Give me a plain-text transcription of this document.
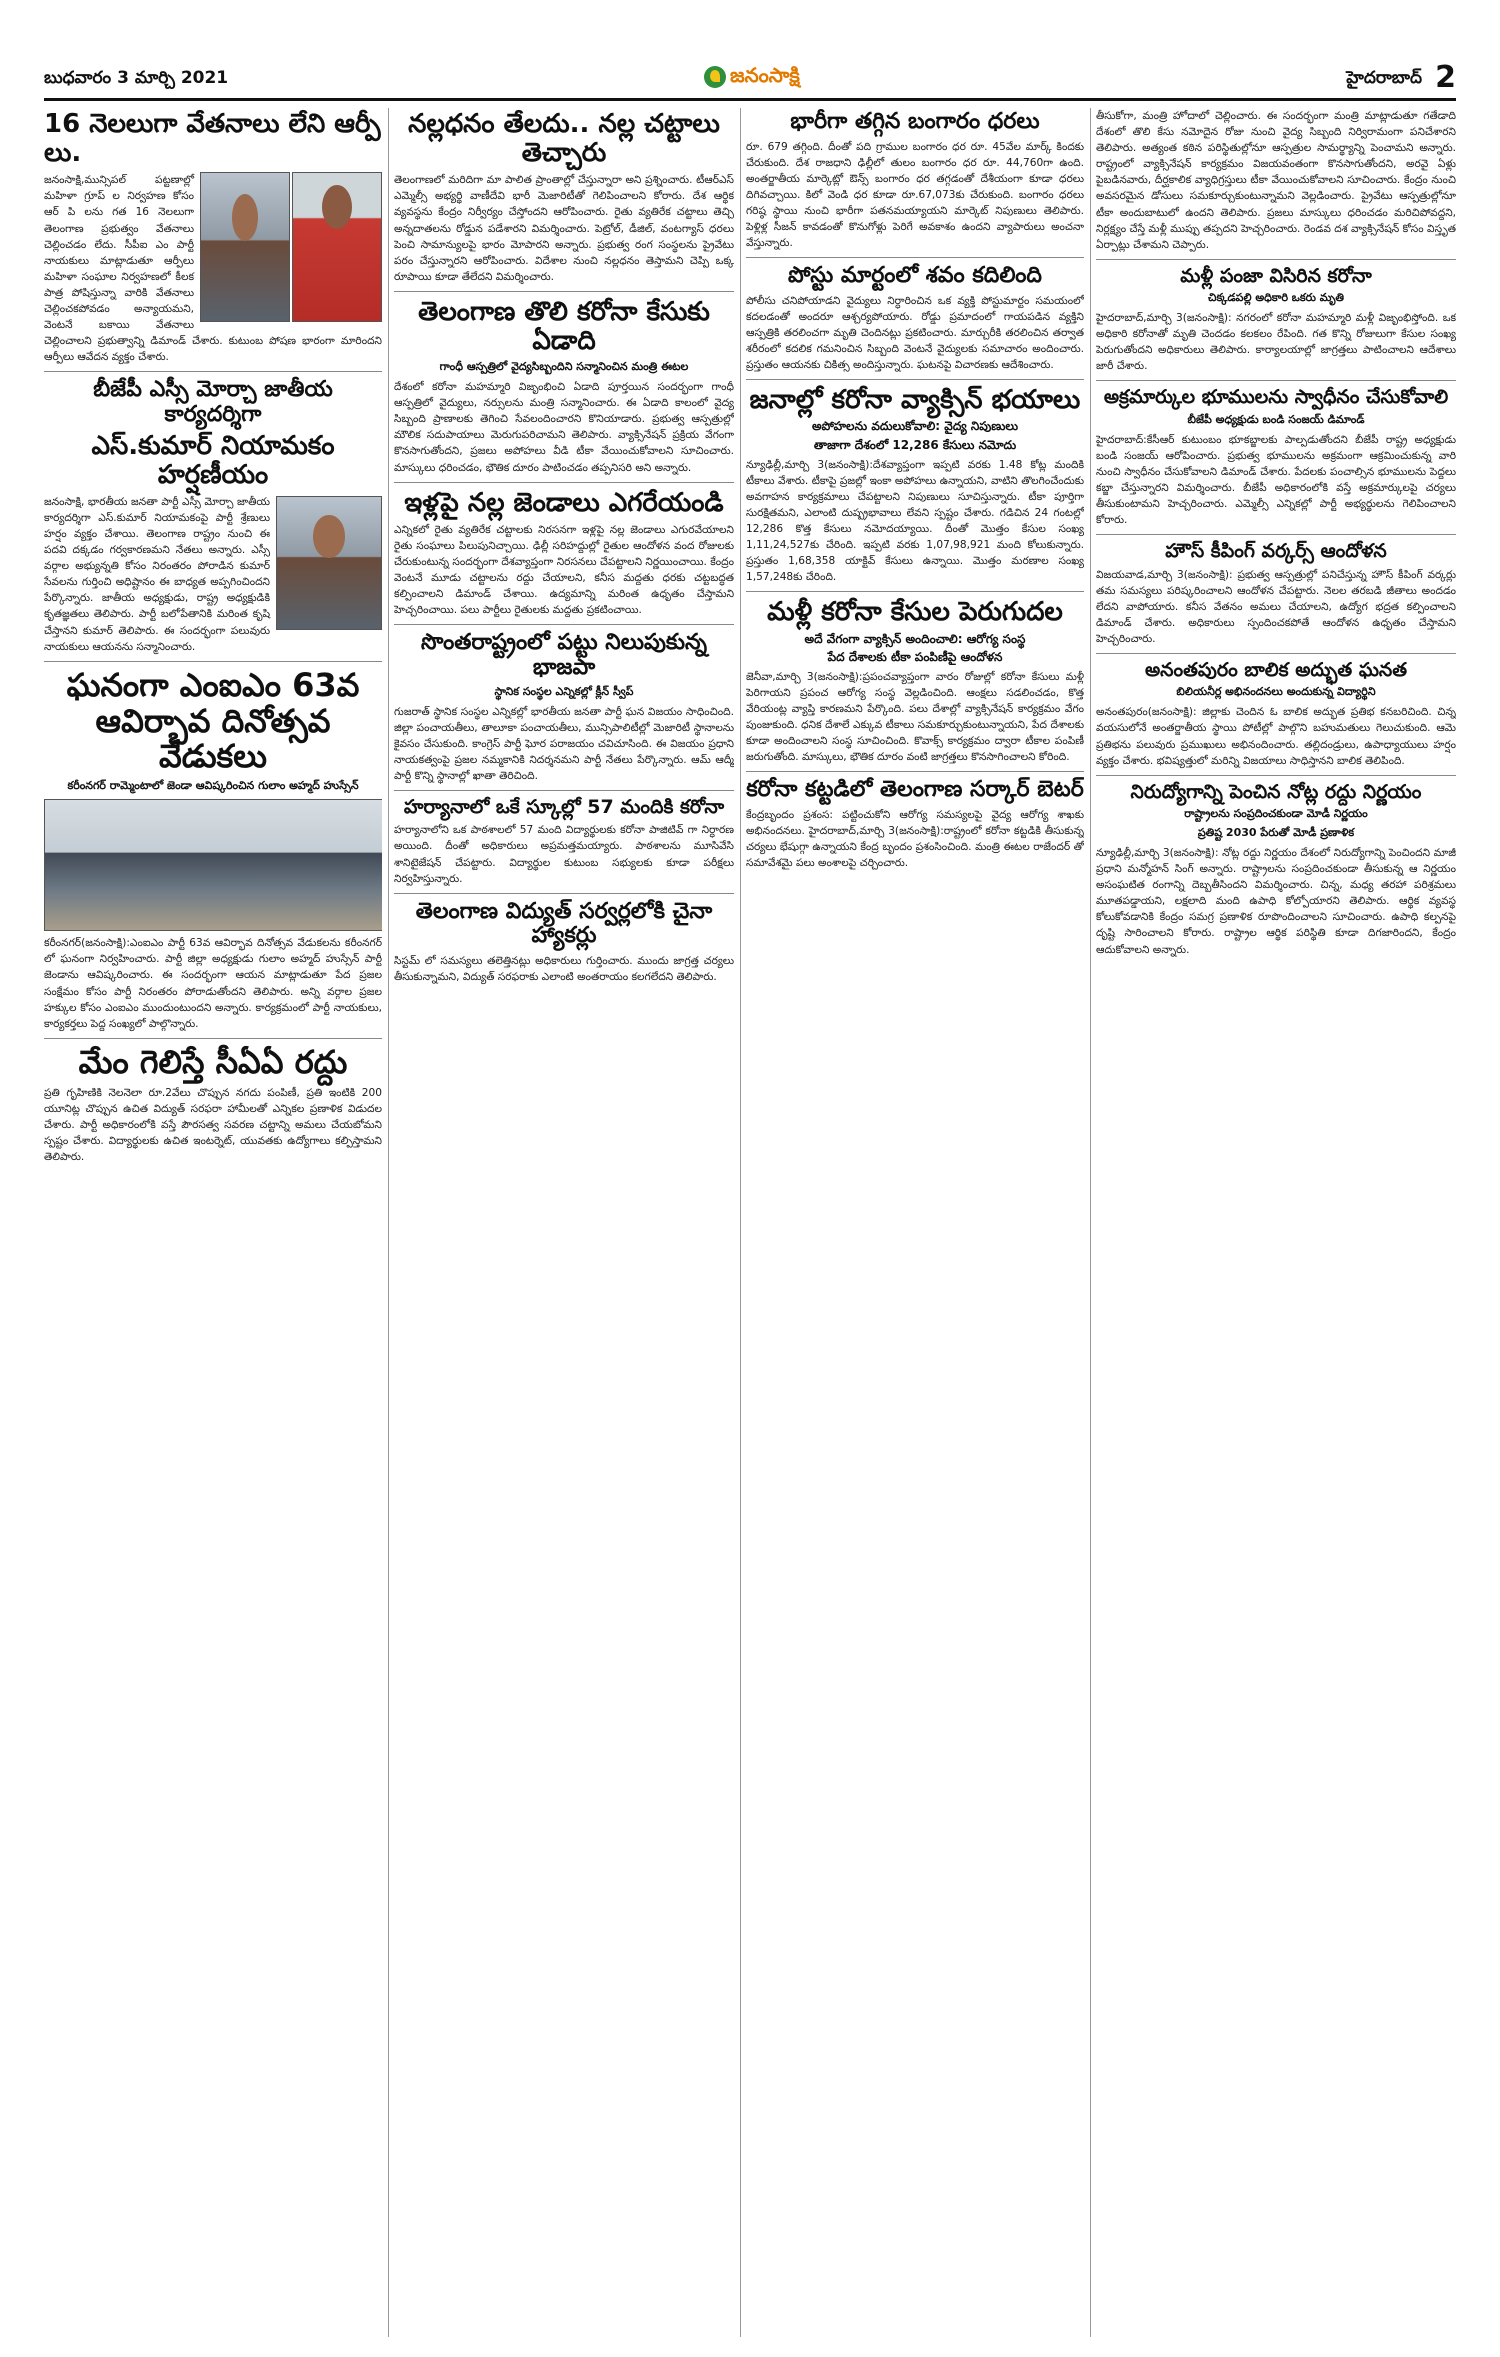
బుధవారం 3 మార్చి 2021	జనంసాక్షి	హైదరాబాద్ 2
16 నెలలుగా వేతనాలు లేని ఆర్పీ లు.

జనంసాక్షి,మున్సిపల్ పట్టణాల్లో మహిళా గ్రూప్ ల నిర్వహణ కోసం ఆర్ పి లను గత 16 నెలలుగా తెలంగాణ ప్రభుత్వం వేతనాలు చెల్లించడం లేదు. సీపీఐ ఎం పార్టీ నాయకులు మాట్లాడుతూ ఆర్పీలు మహిళా సంఘాల నిర్వహణలో కీలక పాత్ర పోషిస్తున్నా వారికి వేతనాలు చెల్లించకపోవడం అన్యాయమని, వెంటనే బకాయి వేతనాలు చెల్లించాలని ప్రభుత్వాన్ని డిమాండ్ చేశారు. కుటుంబ పోషణ భారంగా మారిందని ఆర్పీలు ఆవేదన వ్యక్తం చేశారు.

బీజేపీ ఎస్సీ మోర్చా జాతీయ కార్యదర్శిగా
ఎస్.కుమార్ నియామకం హర్షణీయం

జనంసాక్షి, భారతీయ జనతా పార్టీ ఎస్సీ మోర్చా జాతీయ కార్యదర్శిగా ఎస్.కుమార్ నియామకంపై పార్టీ శ్రేణులు హర్షం వ్యక్తం చేశాయి. తెలంగాణ రాష్ట్రం నుంచి ఈ పదవి దక్కడం గర్వకారణమని నేతలు అన్నారు. ఎస్సీ వర్గాల అభ్యున్నతి కోసం నిరంతరం పోరాడిన కుమార్ సేవలను గుర్తించి అధిష్టానం ఈ బాధ్యత అప్పగించిందని పేర్కొన్నారు. జాతీయ అధ్యక్షుడు, రాష్ట్ర అధ్యక్షుడికి కృతజ్ఞతలు తెలిపారు. పార్టీ బలోపేతానికి మరింత కృషి చేస్తానని కుమార్ తెలిపారు. ఈ సందర్భంగా పలువురు నాయకులు ఆయనను సన్మానించారు.

ఘనంగా ఎంఐఎం 63వ ఆవిర్భావ దినోత్సవ వేడుకలు
కరీంనగర్ రామ్మెంటాలో జెండా ఆవిష్కరించిన గులాం అహ్మద్ హుస్సేన్

కరీంనగర్(జనంసాక్షి):ఎంఐఎం పార్టీ 63వ ఆవిర్భావ దినోత్సవ వేడుకలను కరీంనగర్ లో ఘనంగా నిర్వహించారు. పార్టీ జిల్లా అధ్యక్షుడు గులాం అహ్మద్ హుస్సేన్ పార్టీ జెండాను ఆవిష్కరించారు. ఈ సందర్భంగా ఆయన మాట్లాడుతూ పేద ప్రజల సంక్షేమం కోసం పార్టీ నిరంతరం పోరాడుతోందని తెలిపారు. అన్ని వర్గాల ప్రజల హక్కుల కోసం ఎంఐఎం ముందుంటుందని అన్నారు. కార్యక్రమంలో పార్టీ నాయకులు, కార్యకర్తలు పెద్ద సంఖ్యలో పాల్గొన్నారు.

మేం గెలిస్తే సీఏఏ రద్దు

ప్రతి గృహిణికి నెలనెలా రూ.2వేలు చొప్పున నగదు పంపిణీ, ప్రతి ఇంటికి 200 యూనిట్ల చొప్పున ఉచిత విద్యుత్ సరఫరా హామీలతో ఎన్నికల ప్రణాళిక విడుదల చేశారు. పార్టీ అధికారంలోకి వస్తే పౌరసత్వ సవరణ చట్టాన్ని అమలు చేయబోమని స్పష్టం చేశారు. విద్యార్థులకు ఉచిత ఇంటర్నెట్, యువతకు ఉద్యోగాలు కల్పిస్తామని తెలిపారు.

నల్లధనం తేలదు.. నల్ల చట్టాలు తెచ్చారు

తెలంగాణలో మరిదిగా మా పాలిత ప్రాంతాల్లో చేస్తున్నారా అని ప్రశ్నించారు. టీఆర్ఎస్ ఎమ్మెల్సీ అభ్యర్థి వాణీదేవి భారీ మెజారిటీతో గెలిపించాలని కోరారు. దేశ ఆర్థిక వ్యవస్థను కేంద్రం నిర్వీర్యం చేస్తోందని ఆరోపించారు. రైతు వ్యతిరేక చట్టాలు తెచ్చి అన్నదాతలను రోడ్డున పడేశారని విమర్శించారు. పెట్రోల్, డీజిల్, వంటగ్యాస్ ధరలు పెంచి సామాన్యులపై భారం మోపారని అన్నారు. ప్రభుత్వ రంగ సంస్థలను ప్రైవేటు పరం చేస్తున్నారని ఆరోపించారు. విదేశాల నుంచి నల్లధనం తెస్తామని చెప్పి ఒక్క రూపాయి కూడా తేలేదని విమర్శించారు.

తెలంగాణ తొలి కరోనా కేసుకు ఏడాది
గాంధీ ఆస్పత్రిలో వైద్యసిబ్బందిని సన్మానించిన మంత్రి ఈటల

దేశంలో కరోనా మహమ్మారి విజృంభించి ఏడాది పూర్తయిన సందర్భంగా గాంధీ ఆస్పత్రిలో వైద్యులు, నర్సులను మంత్రి సన్మానించారు. ఈ ఏడాది కాలంలో వైద్య సిబ్బంది ప్రాణాలకు తెగించి సేవలందించారని కొనియాడారు. ప్రభుత్వ ఆస్పత్రుల్లో మౌలిక సదుపాయాలు మెరుగుపరిచామని తెలిపారు. వ్యాక్సినేషన్ ప్రక్రియ వేగంగా కొనసాగుతోందని, ప్రజలు అపోహలు వీడి టీకా వేయించుకోవాలని సూచించారు. మాస్కులు ధరించడం, భౌతిక దూరం పాటించడం తప్పనిసరి అని అన్నారు.

ఇళ్లపై నల్ల జెండాలు ఎగరేయండి

ఎన్నికలో రైతు వ్యతిరేక చట్టాలకు నిరసనగా ఇళ్లపై నల్ల జెండాలు ఎగురవేయాలని రైతు సంఘాలు పిలుపునిచ్చాయి. ఢిల్లీ సరిహద్దుల్లో రైతుల ఆందోళన వంద రోజులకు చేరుకుంటున్న సందర్భంగా దేశవ్యాప్తంగా నిరసనలు చేపట్టాలని నిర్ణయించాయి. కేంద్రం వెంటనే మూడు చట్టాలను రద్దు చేయాలని, కనీస మద్దతు ధరకు చట్టబద్ధత కల్పించాలని డిమాండ్ చేశాయి. ఉద్యమాన్ని మరింత ఉధృతం చేస్తామని హెచ్చరించాయి. పలు పార్టీలు రైతులకు మద్దతు ప్రకటించాయి.

సొంతరాష్ట్రంలో పట్టు నిలుపుకున్న భాజపా
స్థానిక సంస్థల ఎన్నికల్లో క్లీన్ స్వీప్

గుజరాత్ స్థానిక సంస్థల ఎన్నికల్లో భారతీయ జనతా పార్టీ ఘన విజయం సాధించింది. జిల్లా పంచాయతీలు, తాలూకా పంచాయతీలు, మున్సిపాలిటీల్లో మెజారిటీ స్థానాలను కైవసం చేసుకుంది. కాంగ్రెస్ పార్టీ ఘోర పరాజయం చవిచూసింది. ఈ విజయం ప్రధాని నాయకత్వంపై ప్రజల నమ్మకానికి నిదర్శనమని పార్టీ నేతలు పేర్కొన్నారు. ఆమ్ ఆద్మీ పార్టీ కొన్ని స్థానాల్లో ఖాతా తెరిచింది.

హర్యానాలో ఒకే స్కూల్లో 57 మందికి కరోనా

హర్యానాలోని ఒక పాఠశాలలో 57 మంది విద్యార్థులకు కరోనా పాజిటివ్ గా నిర్ధారణ అయింది. దీంతో అధికారులు అప్రమత్తమయ్యారు. పాఠశాలను మూసివేసి శానిటైజేషన్ చేపట్టారు. విద్యార్థుల కుటుంబ సభ్యులకు కూడా పరీక్షలు నిర్వహిస్తున్నారు.

తెలంగాణ విద్యుత్ సర్వర్లలోకి చైనా హ్యాకర్లు

సిస్టమ్ లో సమస్యలు తలెత్తినట్లు అధికారులు గుర్తించారు. ముందు జాగ్రత్త చర్యలు తీసుకున్నామని, విద్యుత్ సరఫరాకు ఎలాంటి అంతరాయం కలగలేదని తెలిపారు.

భారీగా తగ్గిన బంగారం ధరలు

రూ. 679 తగ్గింది. దీంతో పది గ్రాముల బంగారం ధర రూ. 45వేల మార్క్ కిందకు చేరుకుంది. దేశ రాజధాని ఢిల్లీలో తులం బంగారం ధర రూ. 44,760గా ఉంది. అంతర్జాతీయ మార్కెట్లో ఔన్స్ బంగారం ధర తగ్గడంతో దేశీయంగా కూడా ధరలు దిగివచ్చాయి. కిలో వెండి ధర కూడా రూ.67,073కు చేరుకుంది. బంగారం ధరలు గరిష్ఠ స్థాయి నుంచి భారీగా పతనమయ్యాయని మార్కెట్ నిపుణులు తెలిపారు. పెళ్లిళ్ల సీజన్ కావడంతో కొనుగోళ్లు పెరిగే అవకాశం ఉందని వ్యాపారులు అంచనా వేస్తున్నారు.

పోస్టు మార్టంలో శవం కదిలింది

పోలీసు చనిపోయాడని వైద్యులు నిర్ధారించిన ఒక వ్యక్తి పోస్టుమార్టం సమయంలో కదలడంతో అందరూ ఆశ్చర్యపోయారు. రోడ్డు ప్రమాదంలో గాయపడిన వ్యక్తిని ఆస్పత్రికి తరలించగా మృతి చెందినట్లు ప్రకటించారు. మార్చురీకి తరలించిన తర్వాత శరీరంలో కదలిక గమనించిన సిబ్బంది వెంటనే వైద్యులకు సమాచారం అందించారు. ప్రస్తుతం ఆయనకు చికిత్స అందిస్తున్నారు. ఘటనపై విచారణకు ఆదేశించారు.

జనాల్లో కరోనా వ్యాక్సిన్ భయాలు
అపోహలను వదులుకోవాలి: వైద్య నిపుణులు
తాజాగా దేశంలో 12,286 కేసులు నమోదు

న్యూఢిల్లీ,మార్చి 3(జనంసాక్షి):దేశవ్యాప్తంగా ఇప్పటి వరకు 1.48 కోట్ల మందికి టీకాలు వేశారు. టీకాపై ప్రజల్లో ఇంకా అపోహలు ఉన్నాయని, వాటిని తొలగించేందుకు అవగాహన కార్యక్రమాలు చేపట్టాలని నిపుణులు సూచిస్తున్నారు. టీకా పూర్తిగా సురక్షితమని, ఎలాంటి దుష్ప్రభావాలు లేవని స్పష్టం చేశారు. గడిచిన 24 గంటల్లో 12,286 కొత్త కేసులు నమోదయ్యాయి. దీంతో మొత్తం కేసుల సంఖ్య 1,11,24,527కు చేరింది. ఇప్పటి వరకు 1,07,98,921 మంది కోలుకున్నారు. ప్రస్తుతం 1,68,358 యాక్టివ్ కేసులు ఉన్నాయి. మొత్తం మరణాల సంఖ్య 1,57,248కు చేరింది.

మళ్లీ కరోనా కేసుల పెరుగుదల
అదే వేగంగా వ్యాక్సిన్ అందించాలి: ఆరోగ్య సంస్థ
పేద దేశాలకు టీకా పంపిణీపై ఆందోళన

జెనీవా,మార్చి 3(జనంసాక్షి):ప్రపంచవ్యాప్తంగా వారం రోజుల్లో కరోనా కేసులు మళ్లీ పెరిగాయని ప్రపంచ ఆరోగ్య సంస్థ వెల్లడించింది. ఆంక్షలు సడలించడం, కొత్త వేరియంట్ల వ్యాప్తి కారణమని పేర్కొంది. పలు దేశాల్లో వ్యాక్సినేషన్ కార్యక్రమం వేగం పుంజుకుంది. ధనిక దేశాలే ఎక్కువ టీకాలు సమకూర్చుకుంటున్నాయని, పేద దేశాలకు కూడా అందించాలని సంస్థ సూచించింది. కొవాక్స్ కార్యక్రమం ద్వారా టీకాల పంపిణీ జరుగుతోంది. మాస్కులు, భౌతిక దూరం వంటి జాగ్రత్తలు కొనసాగించాలని కోరింది.

కరోనా కట్టడిలో తెలంగాణ సర్కార్ బెటర్

కేంద్రబృందం ప్రశంస: పట్టించుకోని ఆరోగ్య సమస్యలపై వైద్య ఆరోగ్య శాఖకు అభినందనలు. హైదరాబాద్,మార్చి 3(జనంసాక్షి):రాష్ట్రంలో కరోనా కట్టడికి తీసుకున్న చర్యలు భేషుగ్గా ఉన్నాయని కేంద్ర బృందం ప్రశంసించింది. మంత్రి ఈటల రాజేందర్ తో సమావేశమై పలు అంశాలపై చర్చించారు.

తీసుకోగా, మంత్రి హోదాలో చెల్లించారు. ఈ సందర్భంగా మంత్రి మాట్లాడుతూ గతేడాది దేశంలో తొలి కేసు నమోదైన రోజు నుంచి వైద్య సిబ్బంది నిర్విరామంగా పనిచేశారని తెలిపారు. అత్యంత కఠిన పరిస్థితుల్లోనూ ఆస్పత్రుల సామర్థ్యాన్ని పెంచామని అన్నారు. రాష్ట్రంలో వ్యాక్సినేషన్ కార్యక్రమం విజయవంతంగా కొనసాగుతోందని, అరవై ఏళ్లు పైబడినవారు, దీర్ఘకాలిక వ్యాధిగ్రస్తులు టీకా వేయించుకోవాలని సూచించారు. కేంద్రం నుంచి అవసరమైన డోసులు సమకూర్చుకుంటున్నామని వెల్లడించారు. ప్రైవేటు ఆస్పత్రుల్లోనూ టీకా అందుబాటులో ఉందని తెలిపారు. ప్రజలు మాస్కులు ధరించడం మరిచిపోవద్దని, నిర్లక్ష్యం చేస్తే మళ్లీ ముప్పు తప్పదని హెచ్చరించారు. రెండవ దశ వ్యాక్సినేషన్ కోసం విస్తృత ఏర్పాట్లు చేశామని చెప్పారు.

మళ్లీ పంజా విసిరిన కరోనా
చిక్కడపల్లి అధికారి ఒకరు మృతి

హైదరాబాద్,మార్చి 3(జనంసాక్షి): నగరంలో కరోనా మహమ్మారి మళ్లీ విజృంభిస్తోంది. ఒక అధికారి కరోనాతో మృతి చెందడం కలకలం రేపింది. గత కొన్ని రోజులుగా కేసుల సంఖ్య పెరుగుతోందని అధికారులు తెలిపారు. కార్యాలయాల్లో జాగ్రత్తలు పాటించాలని ఆదేశాలు జారీ చేశారు.

అక్రమార్కుల భూములను స్వాధీనం చేసుకోవాలి
బీజేపీ అధ్యక్షుడు బండి సంజయ్ డిమాండ్

హైదరాబాద్:కేసీఆర్ కుటుంబం భూకబ్జాలకు పాల్పడుతోందని బీజేపీ రాష్ట్ర అధ్యక్షుడు బండి సంజయ్ ఆరోపించారు. ప్రభుత్వ భూములను అక్రమంగా ఆక్రమించుకున్న వారి నుంచి స్వాధీనం చేసుకోవాలని డిమాండ్ చేశారు. పేదలకు పంచాల్సిన భూములను పెద్దలు కబ్జా చేస్తున్నారని విమర్శించారు. బీజేపీ అధికారంలోకి వస్తే అక్రమార్కులపై చర్యలు తీసుకుంటామని హెచ్చరించారు. ఎమ్మెల్సీ ఎన్నికల్లో పార్టీ అభ్యర్థులను గెలిపించాలని కోరారు.

హౌస్ కీపింగ్ వర్కర్స్ ఆందోళన

విజయవాడ,మార్చి 3(జనంసాక్షి): ప్రభుత్వ ఆస్పత్రుల్లో పనిచేస్తున్న హౌస్ కీపింగ్ వర్కర్లు తమ సమస్యలు పరిష్కరించాలని ఆందోళన చేపట్టారు. నెలల తరబడి జీతాలు అందడం లేదని వాపోయారు. కనీస వేతనం అమలు చేయాలని, ఉద్యోగ భద్రత కల్పించాలని డిమాండ్ చేశారు. అధికారులు స్పందించకపోతే ఆందోళన ఉధృతం చేస్తామని హెచ్చరించారు.

అనంతపురం బాలిక అద్భుత ఘనత
బిలియనీర్ల అభినందనలు అందుకున్న విద్యార్థిని

అనంతపురం(జనంసాక్షి): జిల్లాకు చెందిన ఓ బాలిక అద్భుత ప్రతిభ కనబరిచింది. చిన్న వయసులోనే అంతర్జాతీయ స్థాయి పోటీల్లో పాల్గొని బహుమతులు గెలుచుకుంది. ఆమె ప్రతిభను పలువురు ప్రముఖులు అభినందించారు. తల్లిదండ్రులు, ఉపాధ్యాయులు హర్షం వ్యక్తం చేశారు. భవిష్యత్తులో మరిన్ని విజయాలు సాధిస్తానని బాలిక తెలిపింది.

నిరుద్యోగాన్ని పెంచిన నోట్ల రద్దు నిర్ణయం
రాష్ట్రాలను సంప్రదించకుండా మోడీ నిర్ణయం
ప్రతిష్ట 2030 పేరుతో మోడీ ప్రణాళిక

న్యూఢిల్లీ,మార్చి 3(జనంసాక్షి): నోట్ల రద్దు నిర్ణయం దేశంలో నిరుద్యోగాన్ని పెంచిందని మాజీ ప్రధాని మన్మోహన్ సింగ్ అన్నారు. రాష్ట్రాలను సంప్రదించకుండా తీసుకున్న ఆ నిర్ణయం అసంఘటిత రంగాన్ని దెబ్బతీసిందని విమర్శించారు. చిన్న, మధ్య తరహా పరిశ్రమలు మూతపడ్డాయని, లక్షలాది మంది ఉపాధి కోల్పోయారని తెలిపారు. ఆర్థిక వ్యవస్థ కోలుకోవడానికి కేంద్రం సమగ్ర ప్రణాళిక రూపొందించాలని సూచించారు. ఉపాధి కల్పనపై దృష్టి సారించాలని కోరారు. రాష్ట్రాల ఆర్థిక పరిస్థితి కూడా దిగజారిందని, కేంద్రం ఆదుకోవాలని అన్నారు.
